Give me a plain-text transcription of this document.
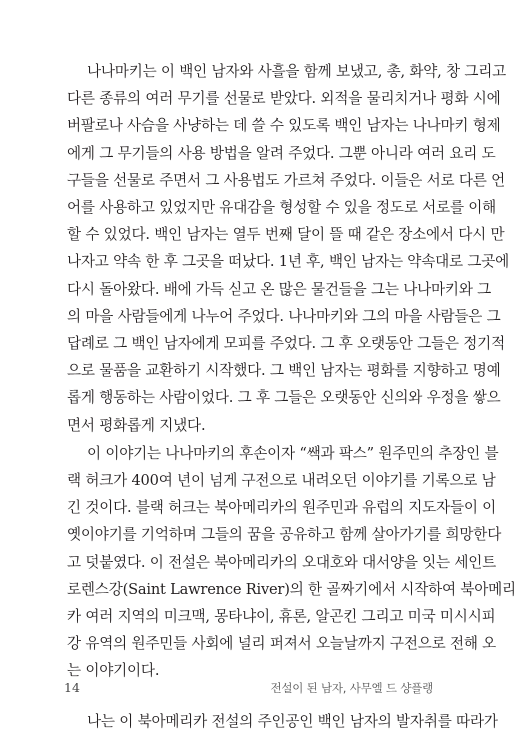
나나마키는 이 백인 남자와 사흘을 함께 보냈고, 총, 화약, 창 그리고
다른 종류의 여러 무기를 선물로 받았다. 외적을 물리치거나 평화 시에
버팔로나 사슴을 사냥하는 데 쓸 수 있도록 백인 남자는 나나마키 형제
에게 그 무기들의 사용 방법을 알려 주었다. 그뿐 아니라 여러 요리 도
구들을 선물로 주면서 그 사용법도 가르쳐 주었다. 이들은 서로 다른 언
어를 사용하고 있었지만 유대감을 형성할 수 있을 정도로 서로를 이해
할 수 있었다. 백인 남자는 열두 번째 달이 뜰 때 같은 장소에서 다시 만
나자고 약속 한 후 그곳을 떠났다. 1년 후, 백인 남자는 약속대로 그곳에
다시 돌아왔다. 배에 가득 싣고 온 많은 물건들을 그는 나나마키와 그
의 마을 사람들에게 나누어 주었다. 나나마키와 그의 마을 사람들은 그
답례로 그 백인 남자에게 모피를 주었다. 그 후 오랫동안 그들은 정기적
으로 물품을 교환하기 시작했다. 그 백인 남자는 평화를 지향하고 명예
롭게 행동하는 사람이었다. 그 후 그들은 오랫동안 신의와 우정을 쌓으
면서 평화롭게 지냈다.
이 이야기는 나나마키의 후손이자 “쌕과 팍스” 원주민의 추장인 블
랙 허크가 400여 년이 넘게 구전으로 내려오던 이야기를 기록으로 남
긴 것이다. 블랙 허크는 북아메리카의 원주민과 유럽의 지도자들이 이
옛이야기를 기억하며 그들의 꿈을 공유하고 함께 살아가기를 희망한다
고 덧붙였다. 이 전설은 북아메리카의 오대호와 대서양을 잇는 세인트
로렌스강(Saint Lawrence River)의 한 골짜기에서 시작하여 북아메리
카 여러 지역의 미크맥, 몽타냐이, 휴론, 알곤킨 그리고 미국 미시시피
강 유역의 원주민들 사회에 널리 퍼져서 오늘날까지 구전으로 전해 오
는 이야기이다.
나는 이 북아메리카 전설의 주인공인 백인 남자의 발자취를 따라가
14	전설이 된 남자, 사무엘 드 샹플랭
